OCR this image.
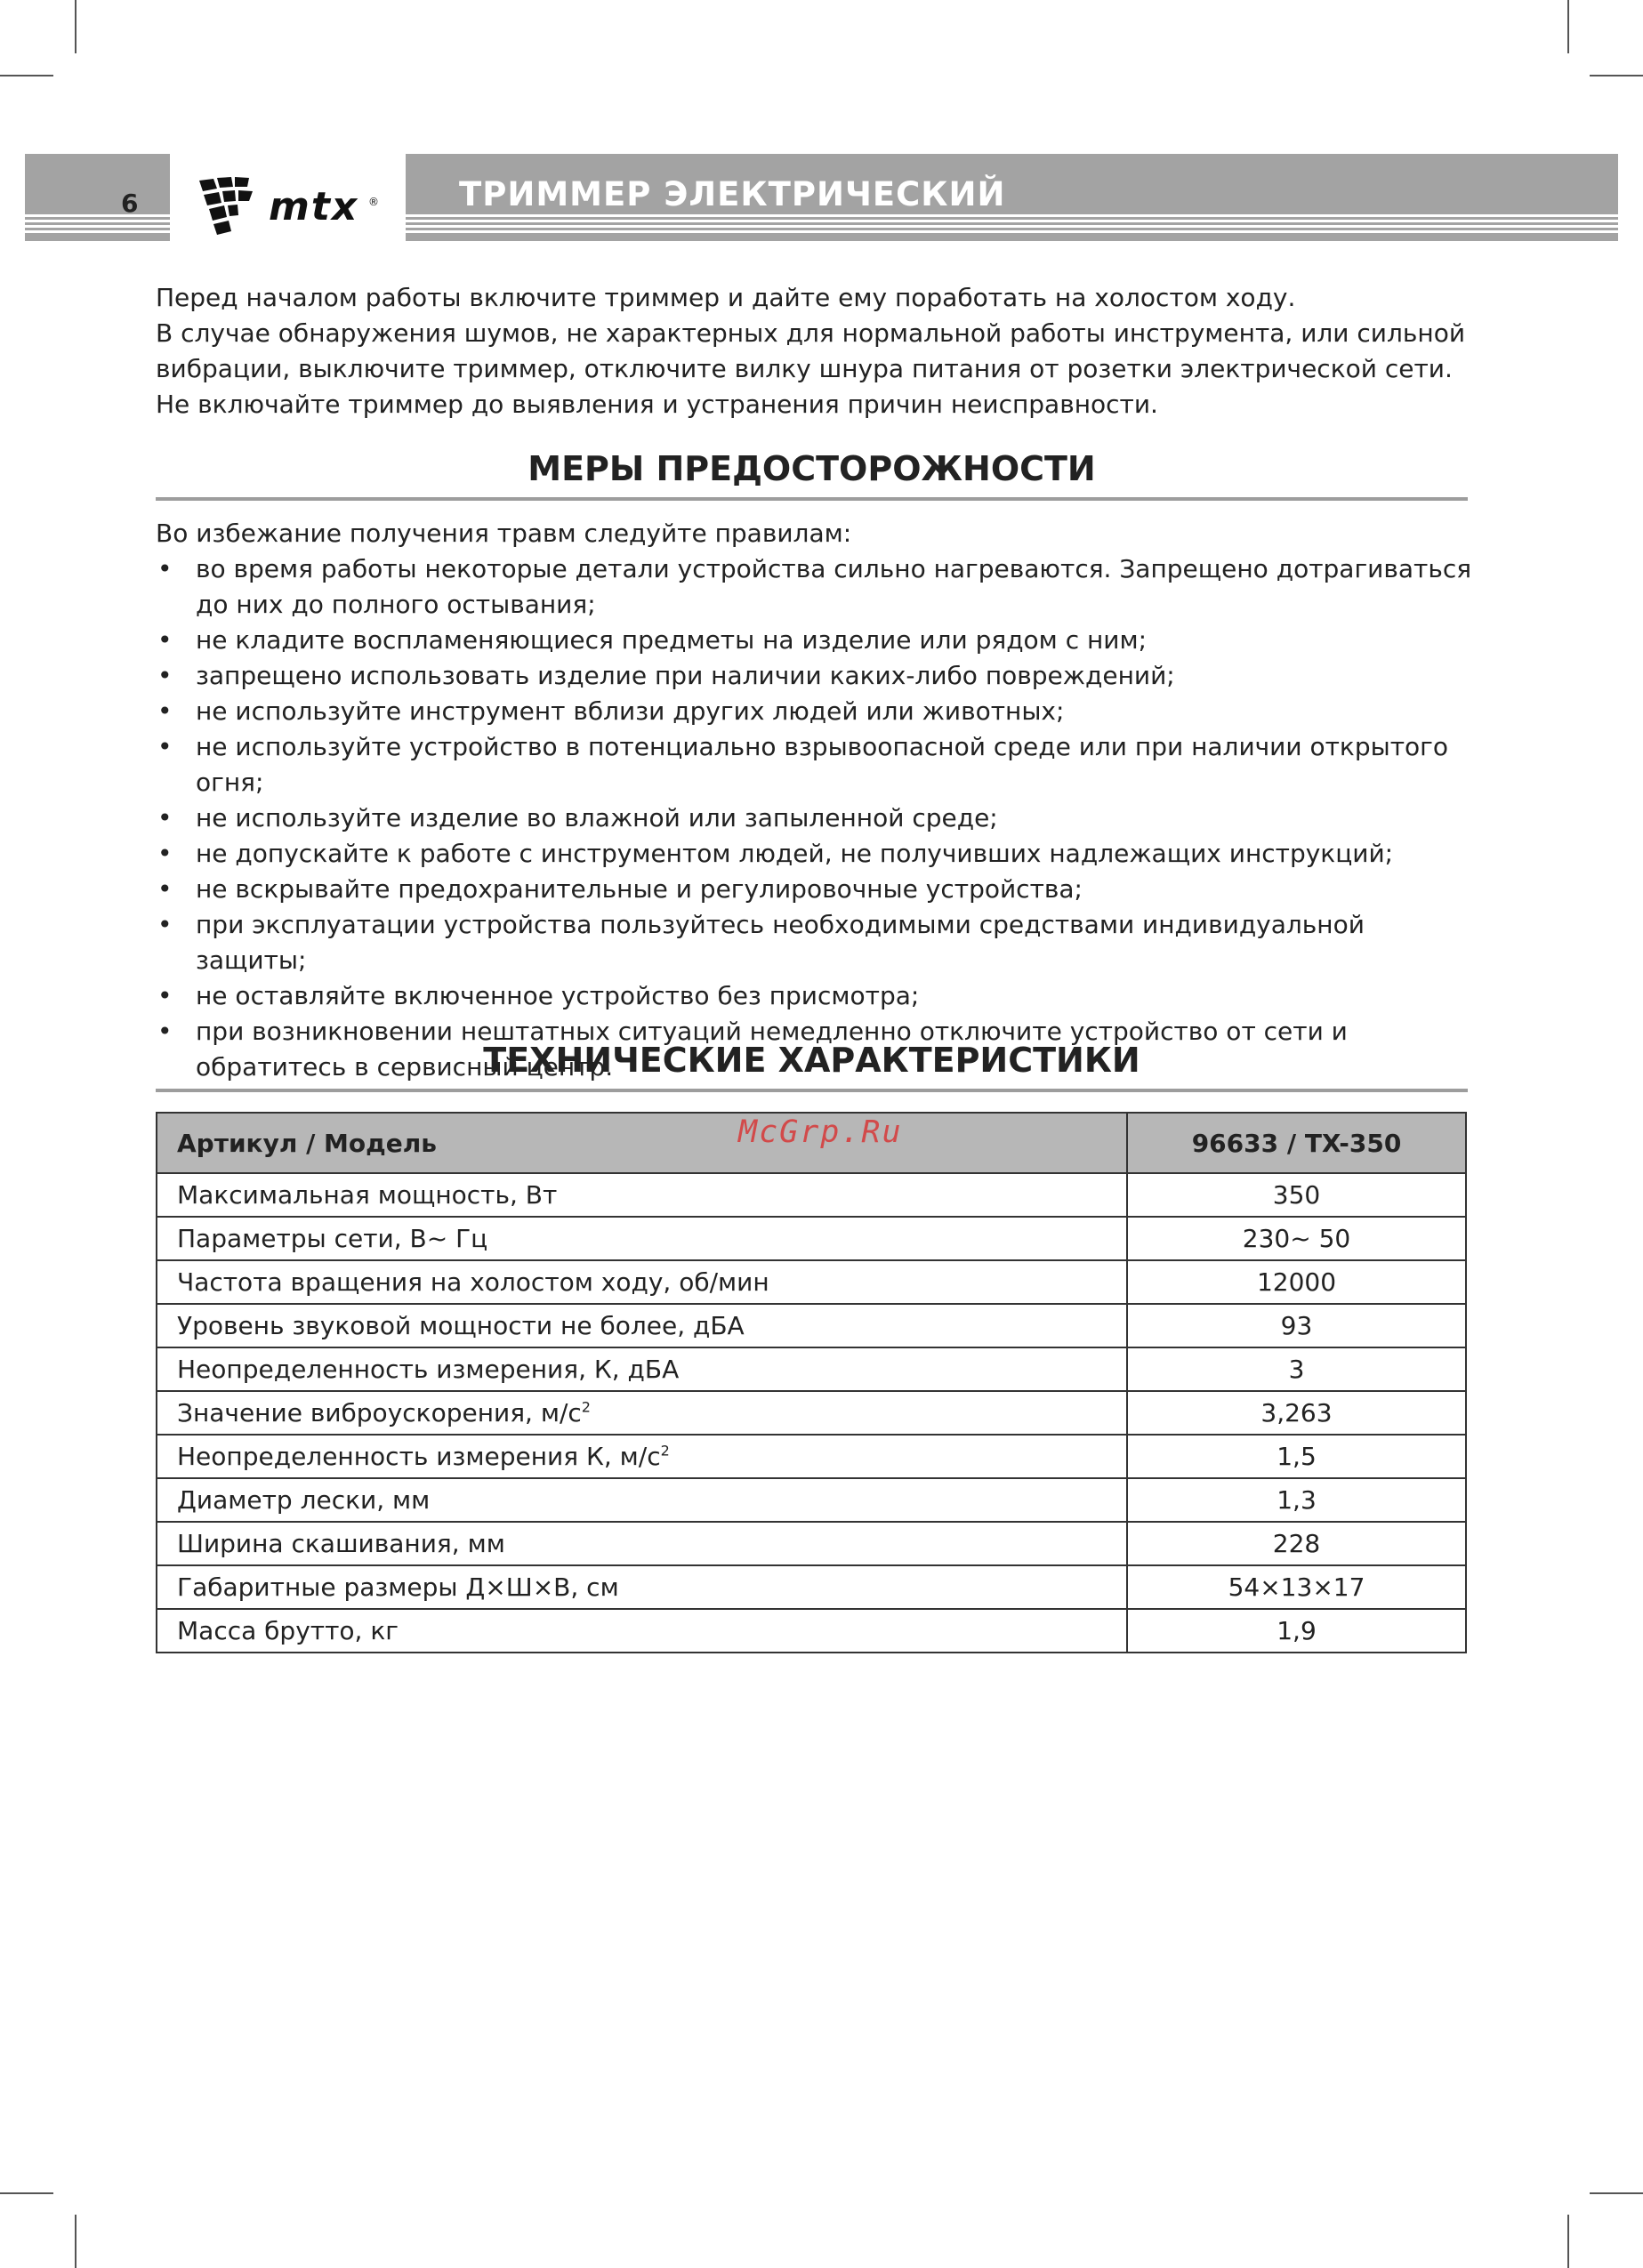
6	mtx ® ТРИММЕР ЭЛЕКТРИЧЕСКИЙ

Перед началом работы включите триммер и дайте ему поработать на холостом ходу.

В случае обнаружения шумов, не характерных для нормальной работы инструмента, или сильной вибрации, выключите триммер, отключите вилку шнура питания от розетки электрической сети. Не включайте триммер до выявления и устранения причин неисправности.

МЕРЫ ПРЕДОСТОРОЖНОСТИ
Во избежание получения травм следуйте правилам:
• во время работы некоторые детали устройства сильно нагреваются. Запрещено дотрагиваться до них до полного остывания;
• не кладите воспламеняющиеся предметы на изделие или рядом с ним;
• запрещено использовать изделие при наличии каких-либо повреждений;
• не используйте инструмент вблизи других людей или животных;
• не используйте устройство в потенциально взрывоопасной среде или при наличии открытого огня;
• не используйте изделие во влажной или запыленной среде;
• не допускайте к работе с инструментом людей, не получивших надлежащих инструкций;
• не вскрывайте предохранительные и регулировочные устройства;
• при эксплуатации устройства пользуйтесь необходимыми средствами индивидуальной защиты;
• не оставляйте включенное устройство без присмотра;
• при возникновении нештатных ситуаций немедленно отключите устройство от сети и обратитесь в сервисный центр.
ТЕХНИЧЕСКИЕ ХАРАКТЕРИСТИКИ
Артикул / Модель	96633 / TX-350
Максимальная мощность, Вт	350
Параметры сети, В~ Гц	230~ 50
Частота вращения на холостом ходу, об/мин	12000
Уровень звуковой мощности не более, дБА	93
Неопределенность измерения, К, дБА	3
Значение виброускорения, $м/с^2$	3,263
Неопределенность измерения К, $м/с^2$	1,5
Диаметр лески, мм	1,3
Ширина скашивания, мм	228
Габаритные размеры Д×Ш×В, см	54×13×17
Масса брутто, кг	1,9
McGrp.Ru
